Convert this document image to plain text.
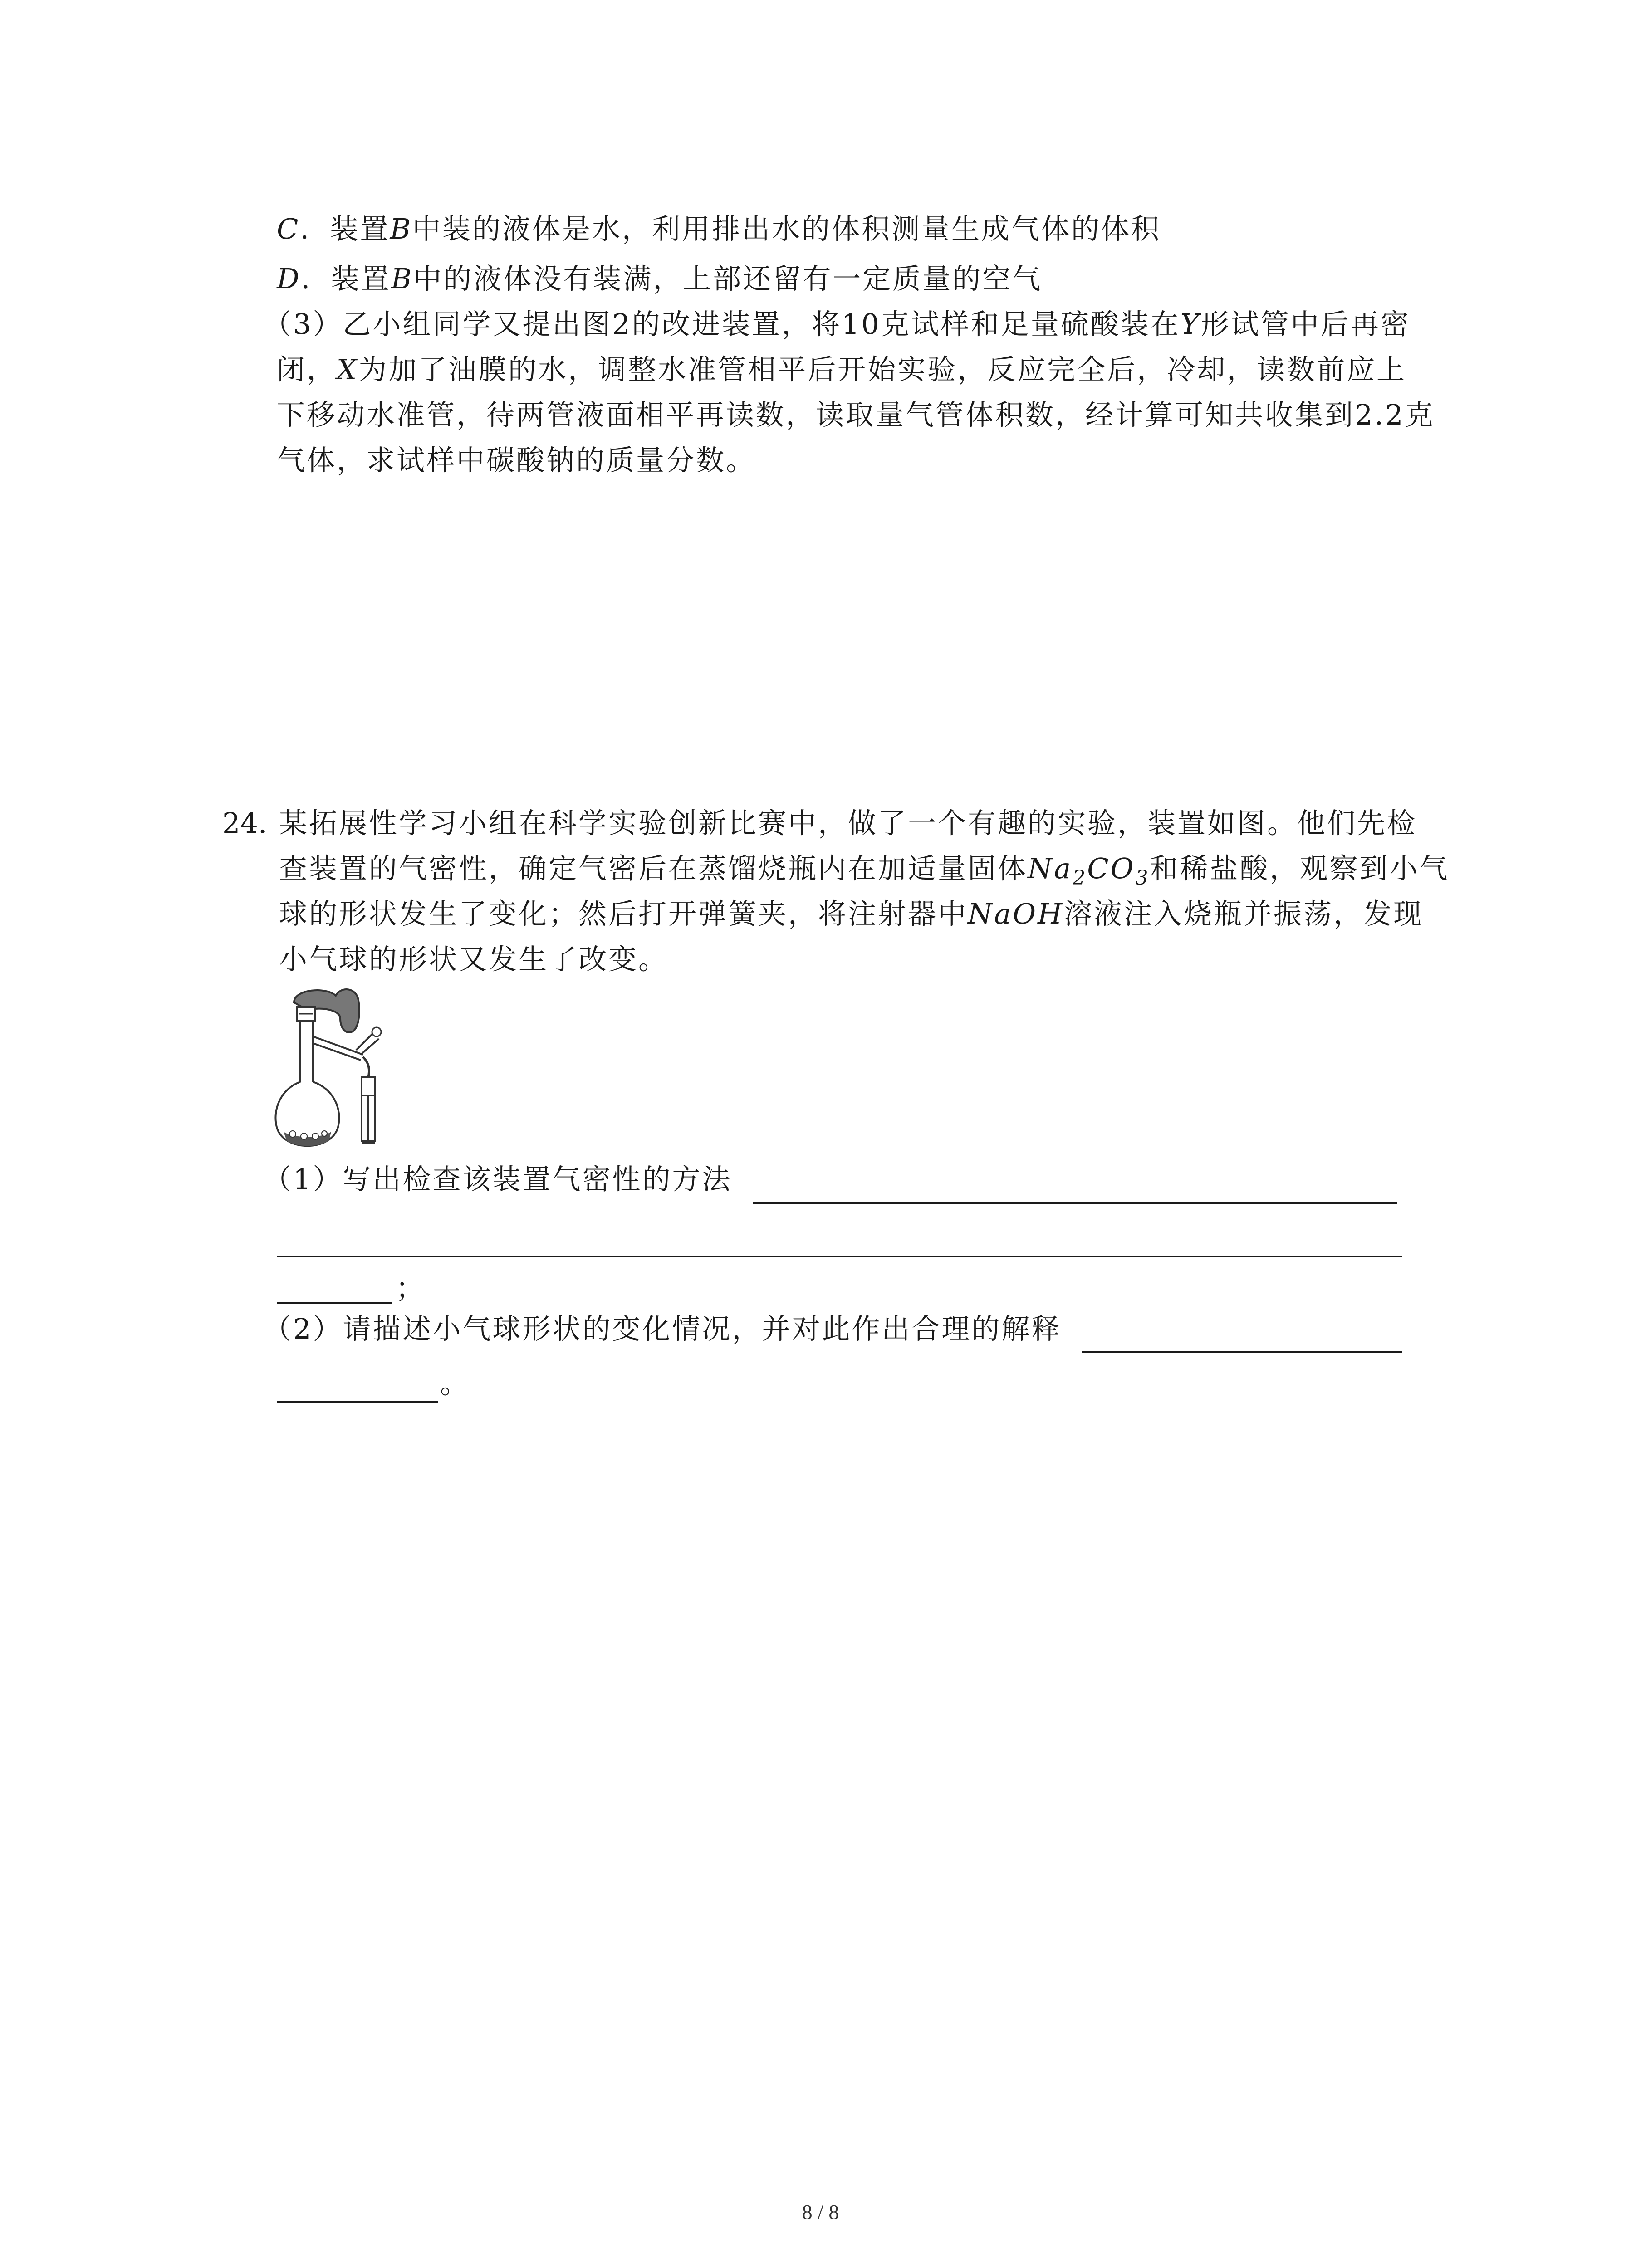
C．装置B中装的液体是水，利用排出水的体积测量生成气体的体积
D．装置B中的液体没有装满，上部还留有一定质量的空气
（3）乙小组同学又提出图2的改进装置，将10克试样和足量硫酸装在Y形试管中后再密
闭，X为加了油膜的水，调整水准管相平后开始实验，反应完全后，冷却，读数前应上
下移动水准管，待两管液面相平再读数，读取量气管体积数，经计算可知共收集到2.2克
气体，求试样中碳酸钠的质量分数。
24. 某拓展性学习小组在科学实验创新比赛中，做了一个有趣的实验，装置如图。他们先检
查装置的气密性，确定气密后在蒸馏烧瓶内在加适量固体$Na_2CO_3$和稀盐酸，观察到小气
球的形状发生了变化；然后打开弹簧夹，将注射器中NaOH溶液注入烧瓶并振荡，发现
小气球的形状又发生了改变。
（1）写出检查该装置气密性的方法
；
（2）请描述小气球形状的变化情况，并对此作出合理的解释
。
8 / 8
